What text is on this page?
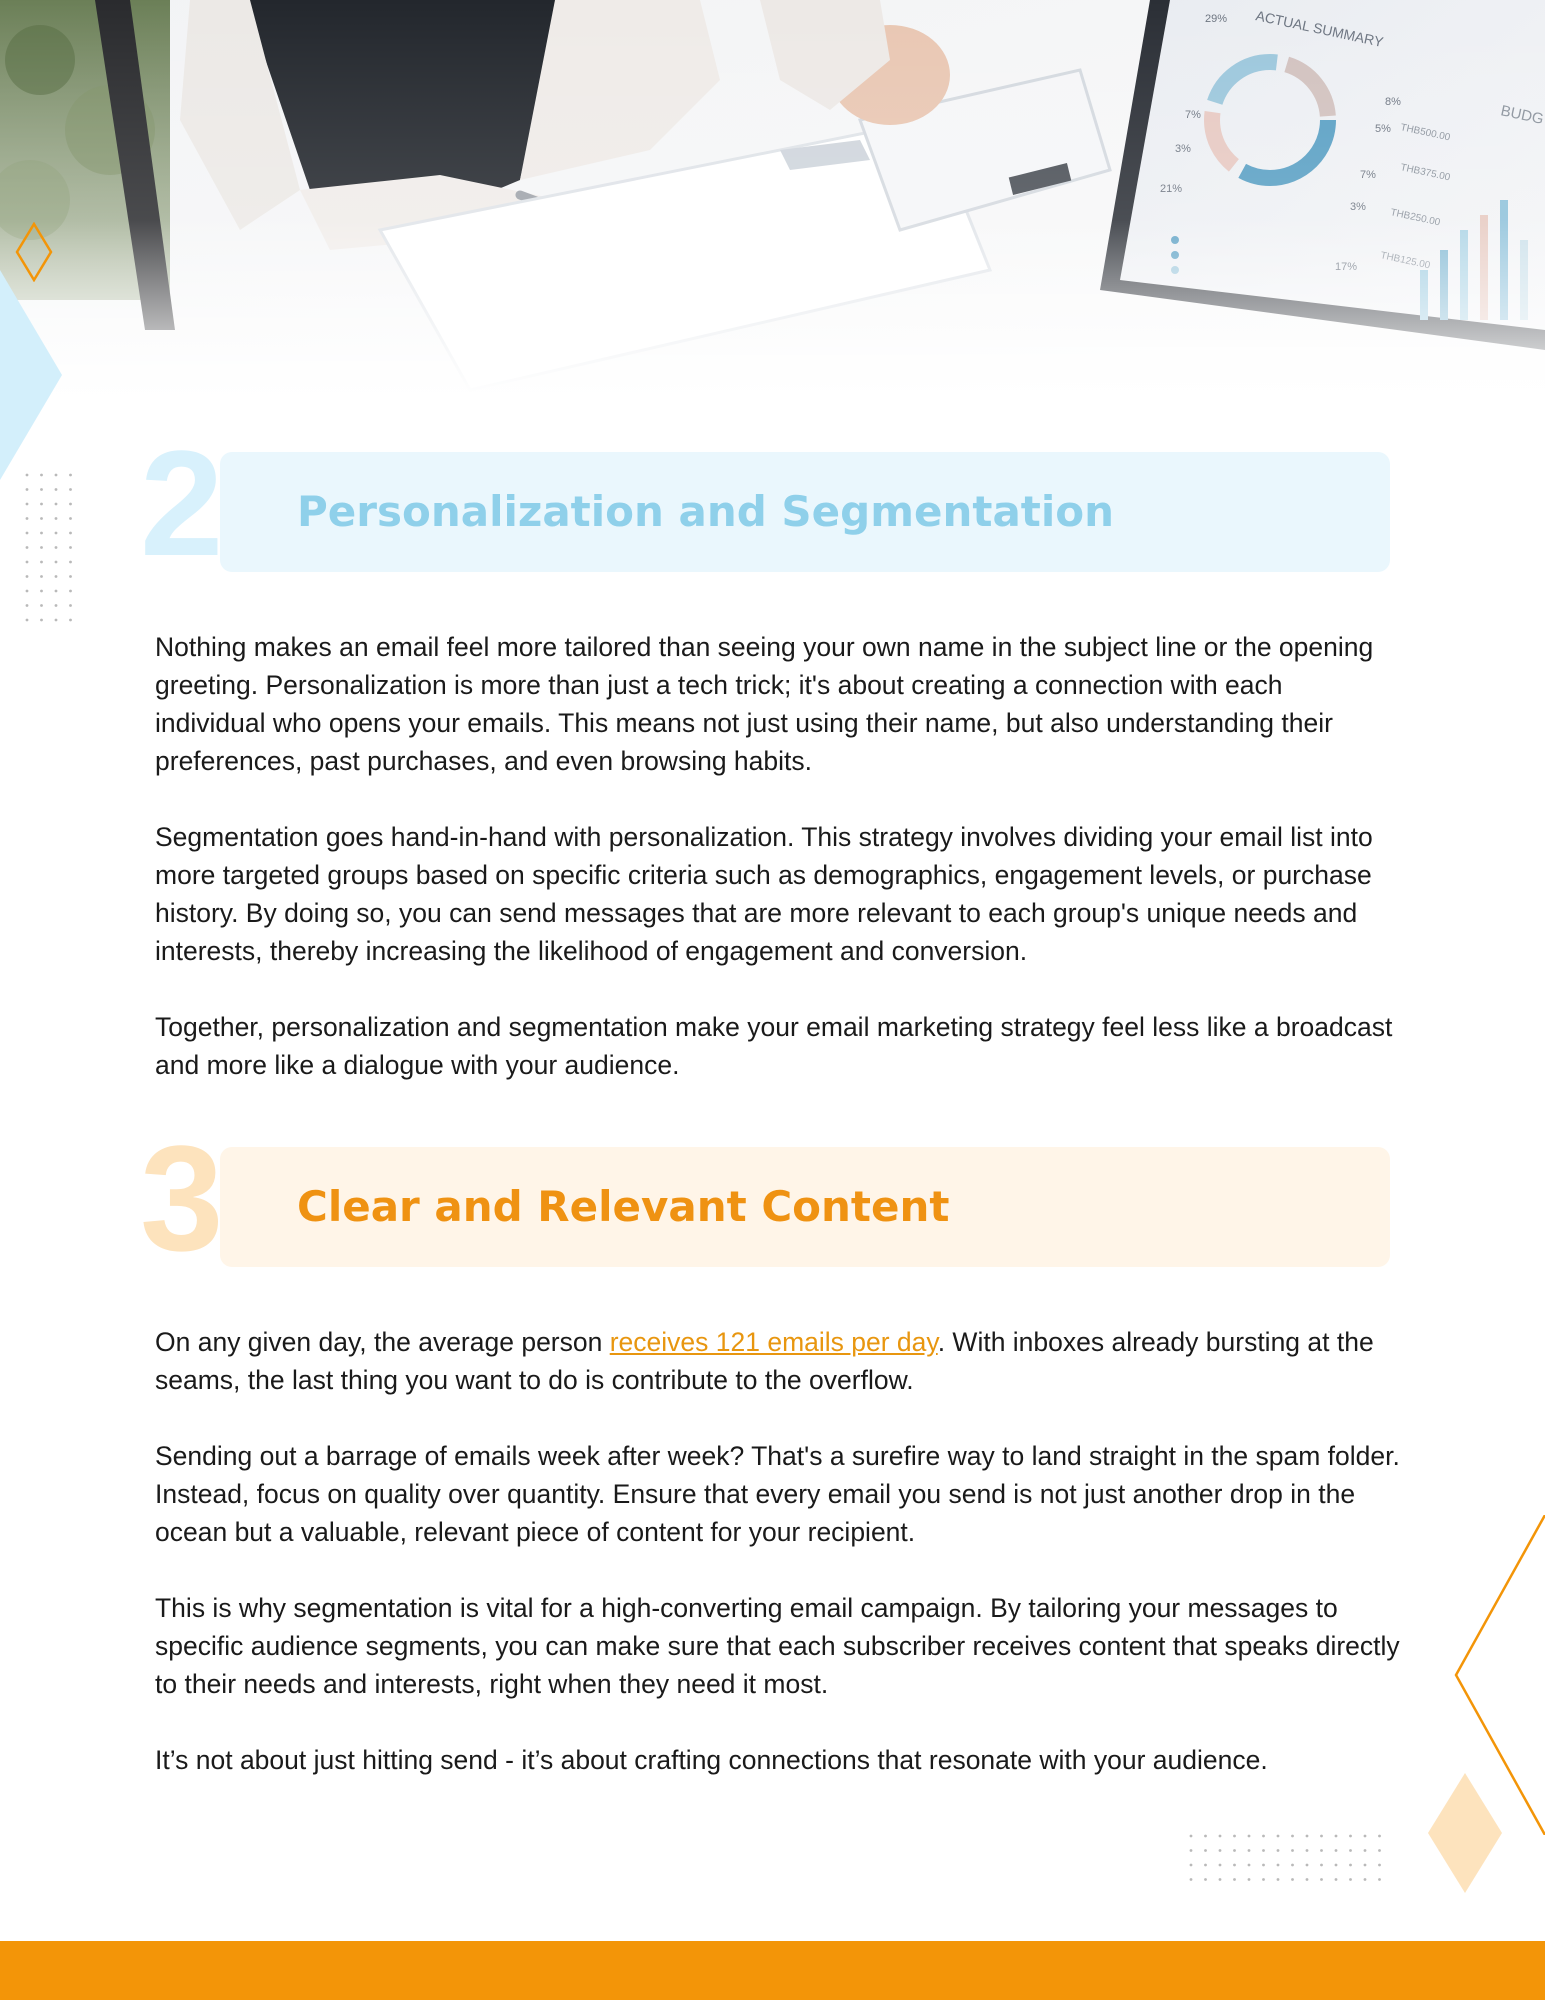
2 Personalization and Segmentation

Nothing makes an email feel more tailored than seeing your own name in the subject line or the opening greeting. Personalization is more than just a tech trick; it's about creating a connection with each individual who opens your emails. This means not just using their name, but also understanding their preferences, past purchases, and even browsing habits.

Segmentation goes hand-in-hand with personalization. This strategy involves dividing your email list into more targeted groups based on specific criteria such as demographics, engagement levels, or purchase history. By doing so, you can send messages that are more relevant to each group's unique needs and interests, thereby increasing the likelihood of engagement and conversion.

Together, personalization and segmentation make your email marketing strategy feel less like a broadcast and more like a dialogue with your audience.

3 Clear and Relevant Content

On any given day, the average person receives 121 emails per day. With inboxes already bursting at the seams, the last thing you want to do is contribute to the overflow.

Sending out a barrage of emails week after week? That's a surefire way to land straight in the spam folder. Instead, focus on quality over quantity. Ensure that every email you send is not just another drop in the ocean but a valuable, relevant piece of content for your recipient.

This is why segmentation is vital for a high-converting email campaign. By tailoring your messages to specific audience segments, you can make sure that each subscriber receives content that speaks directly to their needs and interests, right when they need it most.

It’s not about just hitting send - it’s about crafting connections that resonate with your audience.
